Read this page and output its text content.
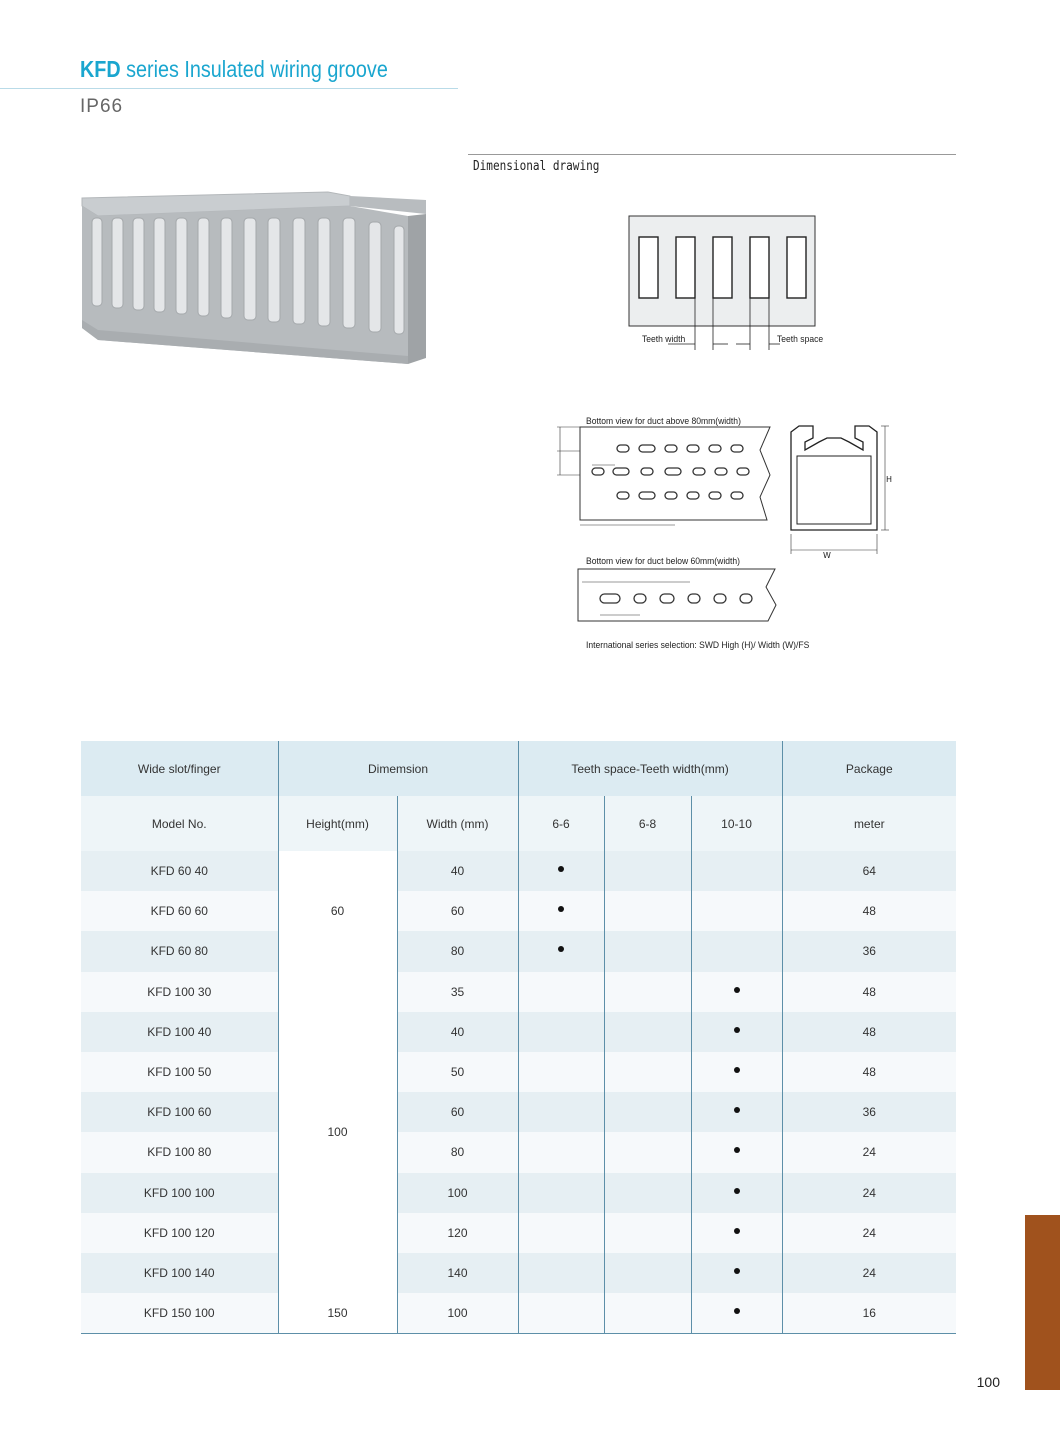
KFD series Insulated wiring groove
IP66
Dimensional drawing
Teeth width	Teeth space
Bottom view for duct above 80mm(width)
H
W
Bottom view for duct below 60mm(width)
International series selection: SWD High (H)/ Width (W)/FS
Wide slot/finger	Dimemsion		Teeth space-Teeth width(mm)			Package
Model No.	Height(mm)	Width (mm)	6-6	6-8	10-10	meter
KFD 60 40	60	40				64
KFD 60 60		60				48
KFD 60 80		80				36
KFD 100 30	100	35				48
KFD 100 40		40				48
KFD 100 50		50				48
KFD 100 60		60				36
KFD 100 80		80				24
KFD 100 100		100				24
KFD 100 120		120				24
KFD 100 140		140				24
KFD 150 100	150	100				16
100
